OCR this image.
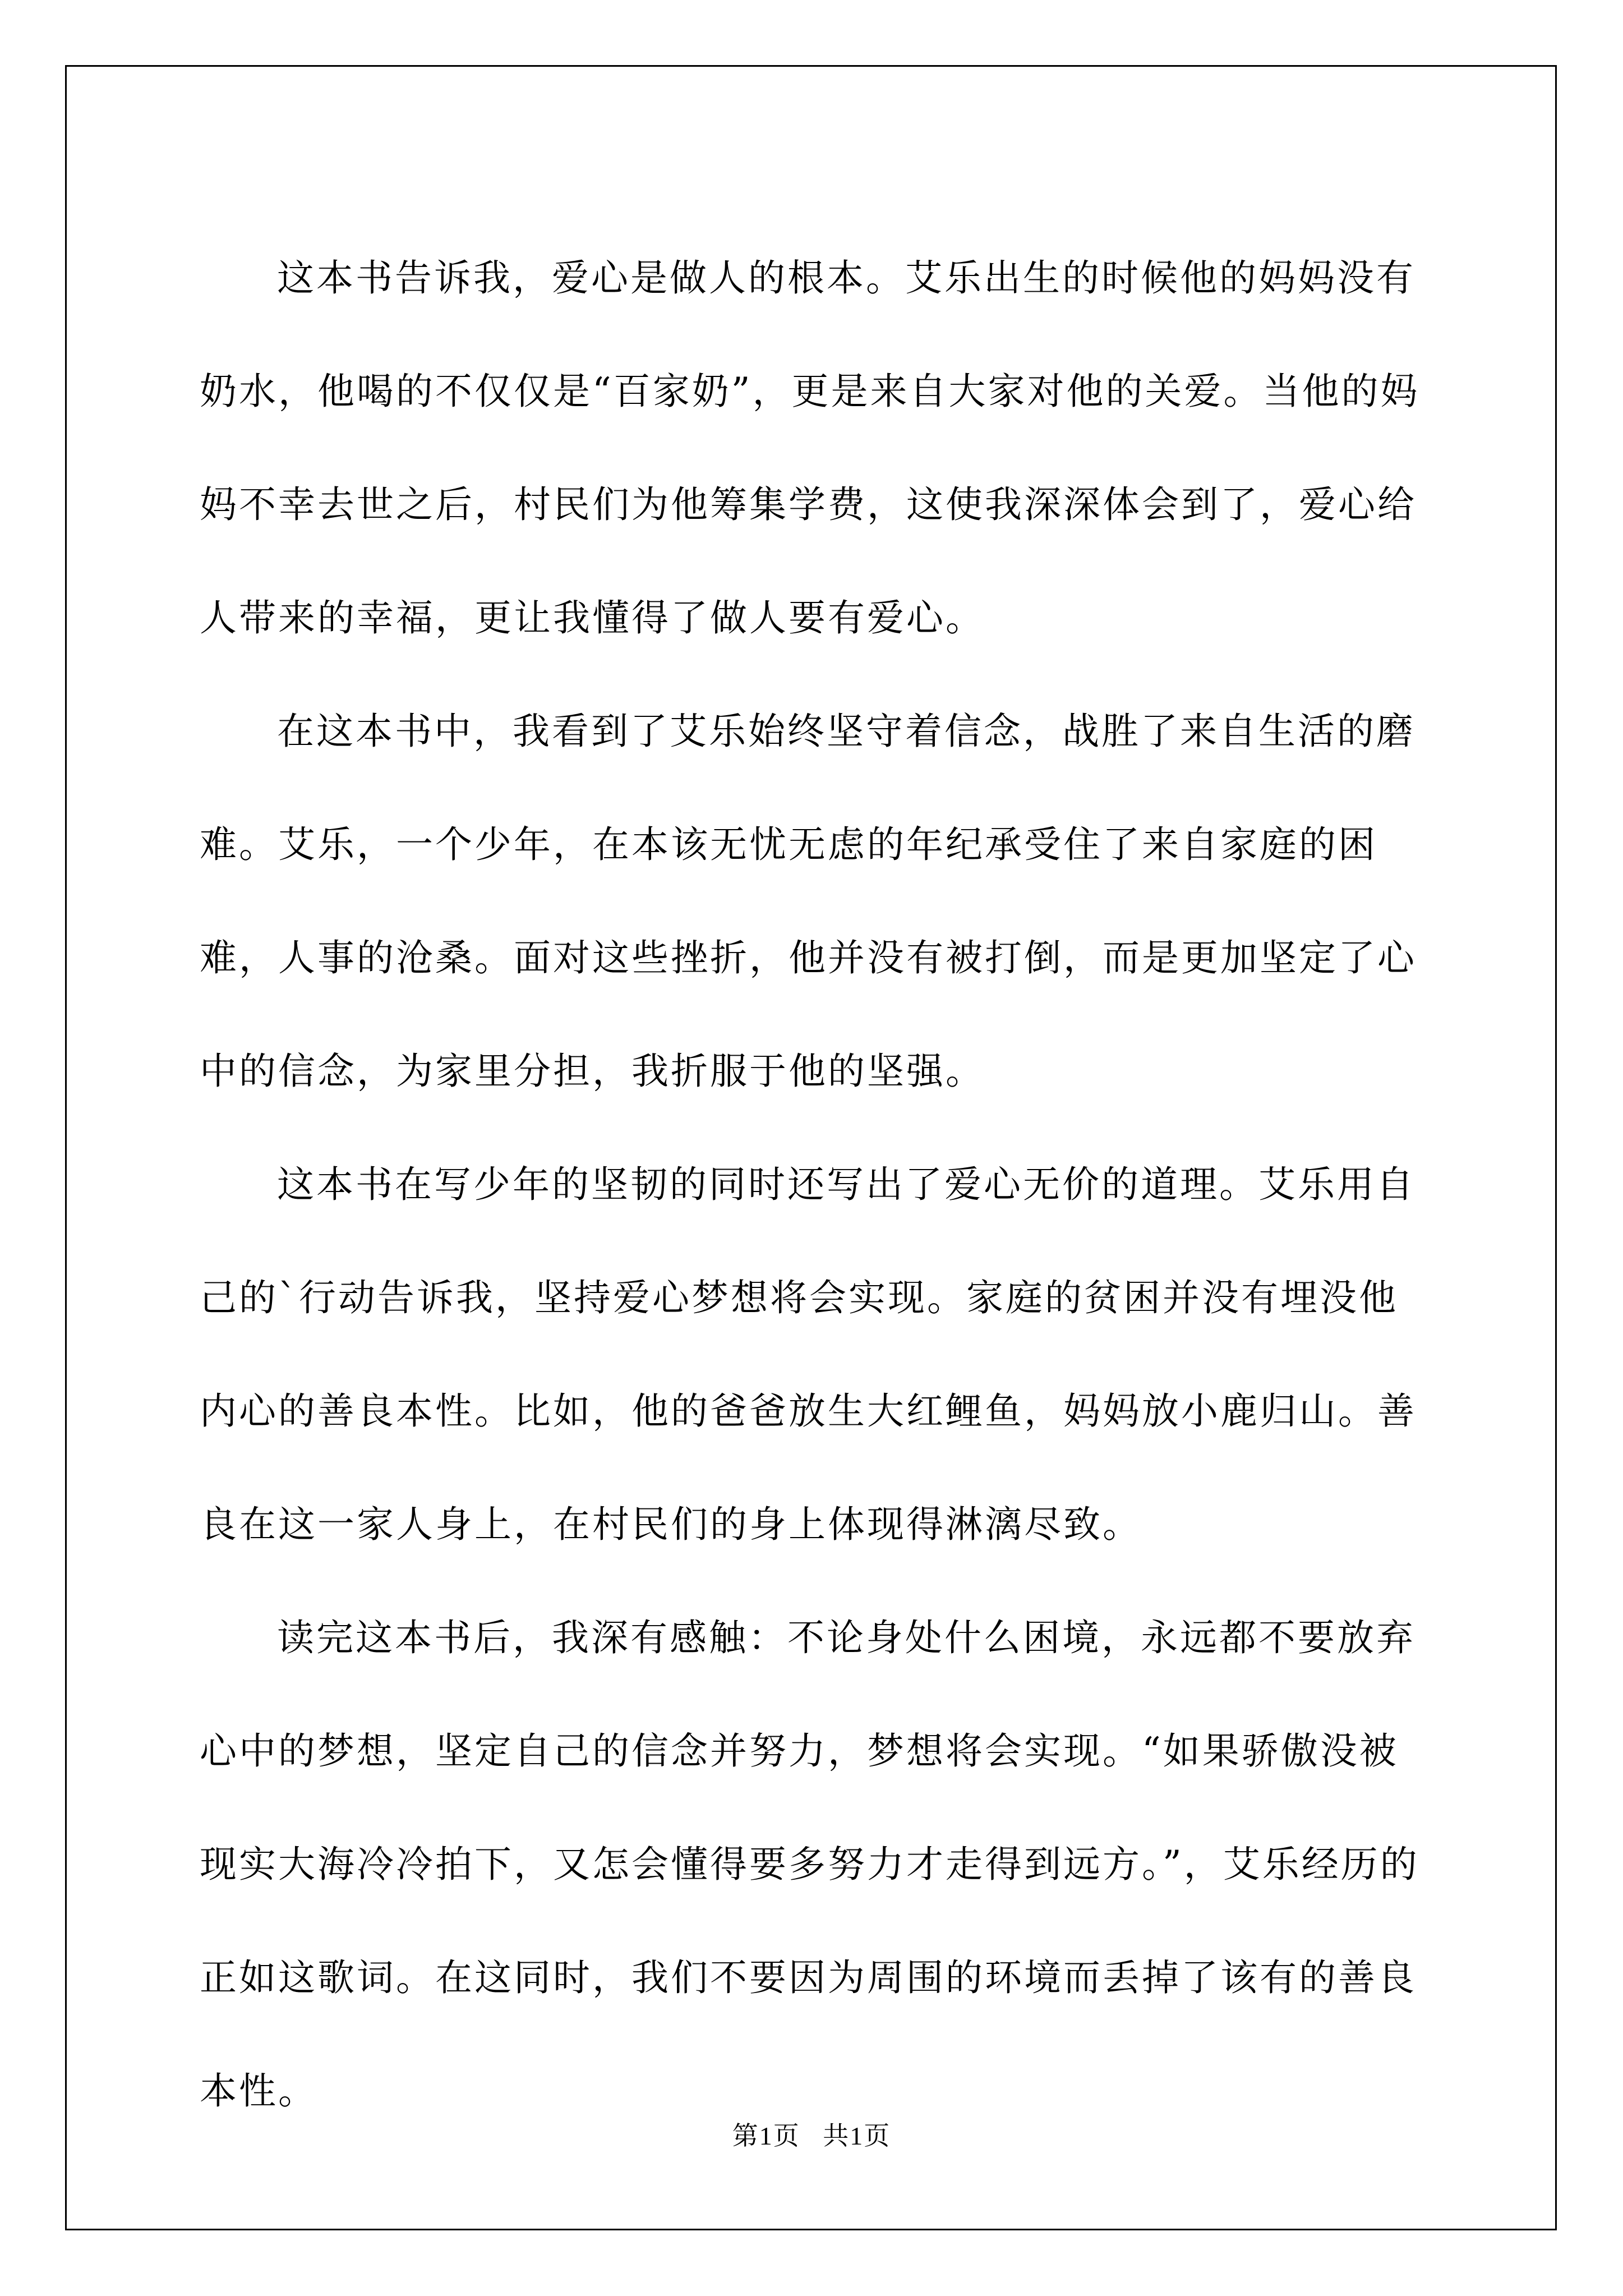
这本书告诉我，爱心是做人的根本。艾乐出生的时候他的妈妈没有奶水，他喝的不仅仅是“百家奶”，更是来自大家对他的关爱。当他的妈妈不幸去世之后，村民们为他筹集学费，这使我深深体会到了，爱心给人带来的幸福，更让我懂得了做人要有爱心。

在这本书中，我看到了艾乐始终坚守着信念，战胜了来自生活的磨难。艾乐，一个少年，在本该无忧无虑的年纪承受住了来自家庭的困难，人事的沧桑。面对这些挫折，他并没有被打倒，而是更加坚定了心中的信念，为家里分担，我折服于他的坚强。

这本书在写少年的坚韧的同时还写出了爱心无价的道理。艾乐用自己的`行动告诉我，坚持爱心梦想将会实现。家庭的贫困并没有埋没他内心的善良本性。比如，他的爸爸放生大红鲤鱼，妈妈放小鹿归山。善良在这一家人身上，在村民们的身上体现得淋漓尽致。

读完这本书后，我深有感触：不论身处什么困境，永远都不要放弃心中的梦想，坚定自己的信念并努力，梦想将会实现。“如果骄傲没被现实大海冷冷拍下，又怎会懂得要多努力才走得到远方。”，艾乐经历的正如这歌词。在这同时，我们不要因为周围的环境而丢掉了该有的善良本性。

第1页   共1页
